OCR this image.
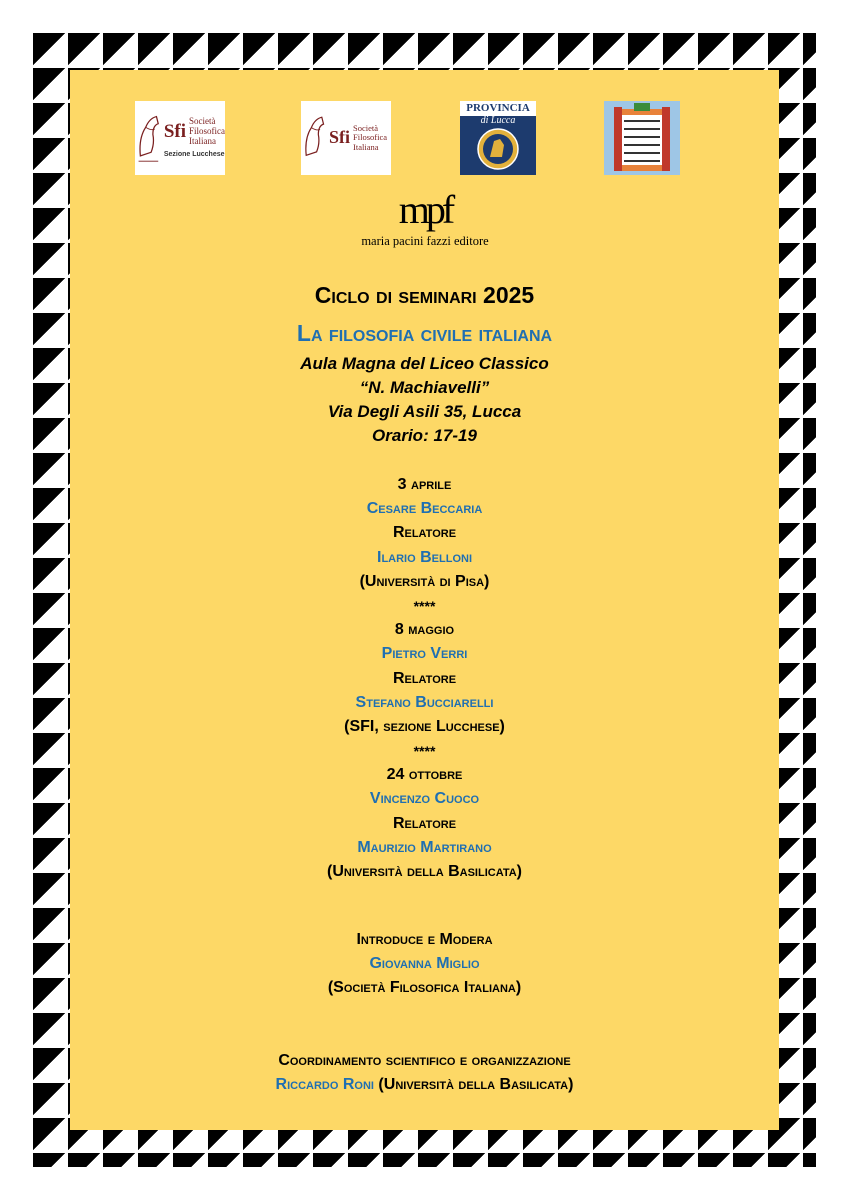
Sfi Società
Filosofica
Italiana
Sezione Lucchese
Sfi Società
Filosofica
Italiana
PROVINCIA
di Lucca
mpf
maria pacini fazzi editore
Ciclo di seminari 2025
La filosofia civile italiana
Aula Magna del Liceo Classico
“N. Machiavelli”
Via Degli Asili 35, Lucca
Orario: 17-19
3 aprile
Cesare Beccaria
Relatore
Ilario Belloni
(Università di Pisa)
****
8 maggio
Pietro Verri
Relatore
Stefano Bucciarelli
(SFI, sezione Lucchese)
****
24 ottobre
Vincenzo Cuoco
Relatore
Maurizio Martirano
(Università della Basilicata)
Introduce e Modera
Giovanna Miglio
(Società Filosofica Italiana)
Coordinamento scientifico e organizzazione
Riccardo Roni (Università della Basilicata)
